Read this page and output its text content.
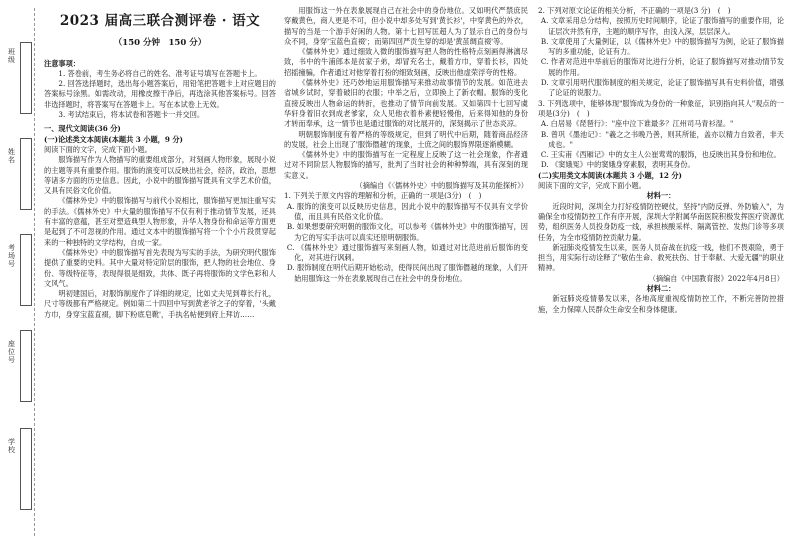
班级
姓名
考场号
座位号
学校
2023 届高三联合测评卷 · 语文
（150 分钟　150 分）

注意事项：

1. 答卷前，考生务必将自己的姓名、准考证号填写在答题卡上。

2. 回答选择题时，选出每小题答案后，用铅笔把答题卡上对应题目的答案标号涂黑。如需改动，用橡皮擦干净后，再选涂其他答案标号。回答非选择题时，将答案写在答题卡上。写在本试卷上无效。

3. 考试结束后，将本试卷和答题卡一并交回。

一、现代文阅读(36 分)

(一)论述类文本阅读(本题共 3 小题，9 分)

阅读下面的文字，完成下面小题。

服饰描写作为人物描写的重要组成部分，对刻画人物形象，展现小说的主题等具有重要作用。服饰的演变可以反映出社会，经济，政治，思想等诸多方面的历史信息。因此，小说中的服饰描写既具有文学艺术价值，又具有民俗文化价值。

《儒林外史》中的服饰描写与前代小说相比，服饰描写更加注重写实的手法。《儒林外史》中大量的服饰描写不仅有利于推动情节发展，还具有丰富的意蕴，甚至对塑造典型人物形象，升华人物身份和命运等方面更是起到了不可忽视的作用。通过文本中的服饰描写将一个个小片段贯穿起来的一种独特的文学结构，自成一家。

《儒林外史》中的服饰描写首先表现为写实的手法，为研究明代服饰提供了重要的史料。其中大量对特定阶层的服饰，把人物的社会地位、身份、等级特征等，表现得很是细致，共体、既子再将服饰的文学色彩和人文风气。

明初建国后，对服饰制度作了详细的规定，比如丈夫见到尊长行礼，尺寸等级都有严格规定。例如第二十四回中写到黄老爷之子的穿着，'头戴方巾，身穿宝蓝直裰，脚下粉底皂靴'，手执名帖便到府上拜访……

用服饰这一外在表象展现自己在社会中的身份地位。又如明代严禁庶民穿戴黄色，商人更是不可，但小说中却多处写到'黄长衫'，中穿黄色的外衣，描写的当是一个游手好闲的人物。第十七回写匡超人为了显示自己的身份与众不同，身穿'宝蓝色直裰'；而第四回严贡生穿的却是'黄茧绸直裰'等。

《儒林外史》通过细致入微的服饰描写把人物的性格特点刻画得淋漓尽致，书中的牛浦郎本是贫家子弟，却冒充名士，戴着方巾，穿着长衫，四处招摇撞骗，作者通过对他穿着打扮的细致刻画，反映出他虚荣浮夸的性格。

《儒林外史》还巧妙地运用服饰描写来推动故事情节的发展。如范进去省城乡试时，穿着破旧的衣服；中举之后，立即换上了新衣帽。服饰的变化直接反映出人物命运的转折，也推动了情节向前发展。又如第四十七回写虞华轩身着旧衣到成老爹家，众人见他衣着朴素便轻慢他，后来得知他的身份才转而奉承，这一情节也是通过服饰的对比展开的，深刻揭示了世态炎凉。

明朝服饰制度有着严格的等级规定，但到了明代中后期，随着商品经济的发展，社会上出现了'服饰僭越'的现象，士庶之间的服饰界限逐渐模糊。

《儒林外史》中的服饰描写在一定程度上反映了这一社会现象，作者通过对不同阶层人物服饰的描写，批判了当时社会的种种弊端，具有深刻的现实意义。

（摘编自《〈儒林外史〉中的服饰描写及其功能探析》）

1. 下列关于原文内容的理解和分析，正确的一项是(3分)　(　)

A. 服饰的演变可以反映历史信息，因此小说中的服饰描写不仅具有文学价值，而且具有民俗文化价值。

B. 如果想要研究明朝的服饰文化，可以参考《儒林外史》中的服饰描写，因为它的写实手法可以真实还原明朝服饰。

C. 《儒林外史》通过服饰描写来刻画人物，如通过对比范进前后服饰的变化，对其进行讽刺。

D. 服饰制度在明代后期开始松动，使得民间出现了服饰僭越的现象，人们开始用服饰这一外在表象展现自己在社会中的身份地位。

2. 下列对原文论证的相关分析，不正确的一项是(3 分)　(　)

A. 文章采用总分结构，按照历史时间顺序，论证了服饰描写的重要作用，论证层次井然有序，主题的顺序写作，由浅入深，层层深入。

B. 文章使用了大量例证，以《儒林外史》中的服饰描写为例，论证了服饰描写的多重功能，论证有力。

C. 作者对范进中举前后的服饰对比进行分析，论证了服饰描写对推动情节发展的作用。

D. 文章引用明代服饰制度的相关规定，论证了服饰描写具有史料价值，增强了论证的说服力。

3. 下列选项中，能够体现"服饰成为身份的一种象征，识别指向其人"观点的一项是(3分)　(　)

A. 白居易《琵琶行》："座中泣下谁最多？江州司马青衫湿。"

B. 曾巩《墨池记》："羲之之书晚乃善，则其所能，盖亦以精力自致者，非天成也。"

C. 王实甫《西厢记》中的女主人公崔莺莺的服饰，也反映出其身份和地位。

D. 《窦娥冤》中的窦娥身穿素服，表明其身份。

(二)实用类文本阅读(本题共 3 小题，12 分)

阅读下面的文字，完成下面小题。

材料一：

近段时间，深圳全力打好疫情防控硬仗，坚持"内防反弹、外防输入"，为确保全市疫情防控工作有序开展，深圳大学附属华南医院积极发挥医疗资源优势，组织医务人员投身防疫一线，承担核酸采样、隔离管控、发热门诊等多项任务，为全市疫情防控贡献力量。

新冠肺炎疫情发生以来，医务人员奋战在抗疫一线，他们不畏艰险，勇于担当，用实际行动诠释了"敬佑生命、救死扶伤、甘于奉献、大爱无疆"的职业精神。

（摘编自《中国教育报》2022年4月8日）

材料二：

新冠肺炎疫情暴发以来，各地高度重视疫情防控工作，不断完善防控措施，全力保障人民群众生命安全和身体健康。
